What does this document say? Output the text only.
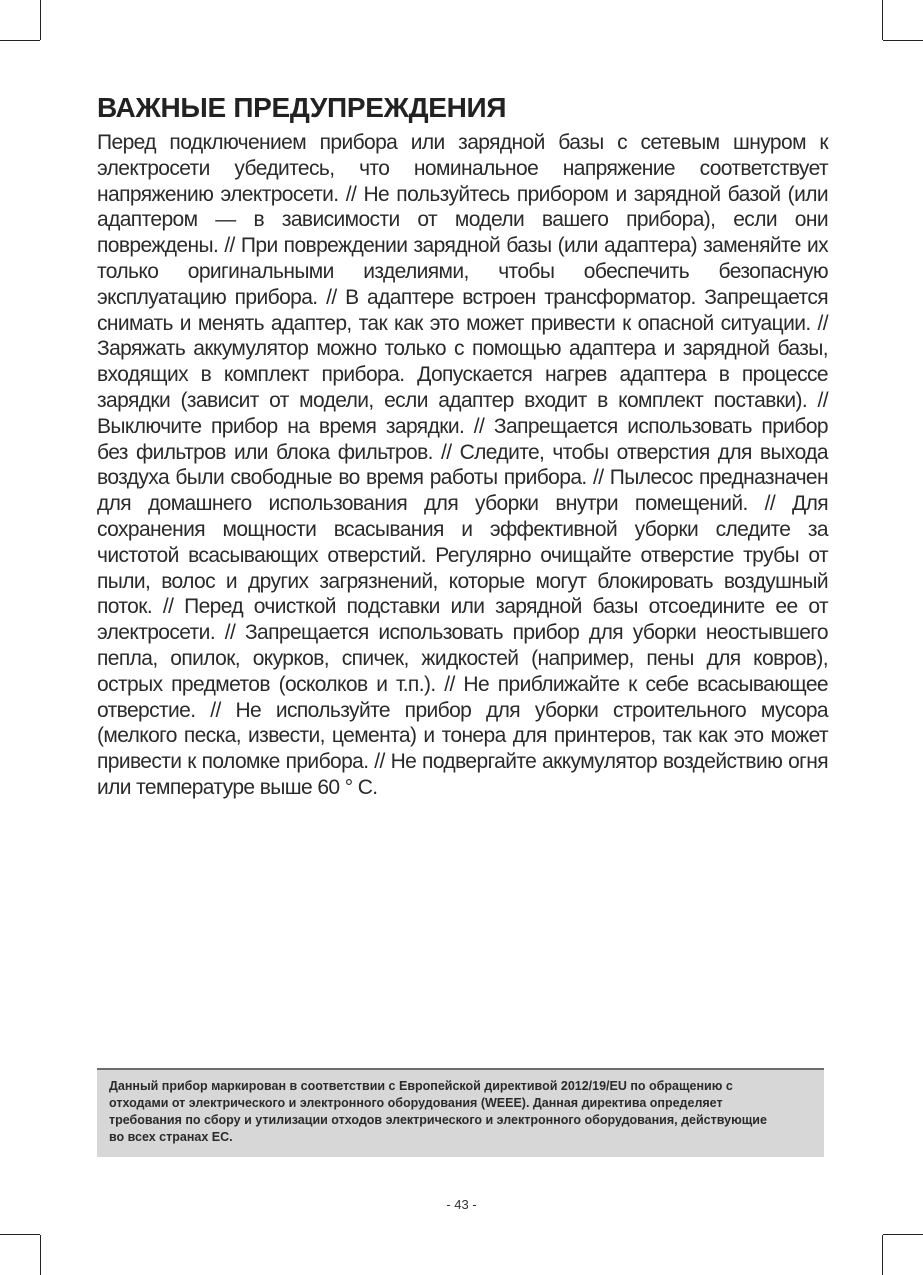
ВАЖНЫЕ ПРЕДУПРЕЖДЕНИЯ

Перед подключением прибора или зарядной базы с сетевым шнуром к электросети убедитесь, что номинальное напряжение соответствует напряжению электросети. // Не пользуйтесь прибором и зарядной базой (или адаптером — в зависимости от модели вашего прибора), если они повреждены. // При повреждении зарядной базы (или адаптера) заменяйте их только оригинальными изделиями, чтобы обеспечить безопасную эксплуатацию прибора. // В адаптере встроен трансформатор. Запрещается снимать и менять адаптер, так как это может привести к опасной ситуации. // Заряжать аккумулятор можно только с помощью адаптера и зарядной базы, входящих в комплект прибора. Допускается нагрев адаптера в процессе зарядки (зависит от модели, если адаптер входит в комплект поставки). // Выключите прибор на время зарядки. // Запрещается использовать прибор без фильтров или блока фильтров. // Следите, чтобы отверстия для выхода воздуха были свободные во время работы прибора. // Пылесос предназначен для домашнего использования для уборки внутри помещений. // Для сохранения мощности всасывания и эффективной уборки следите за чистотой всасывающих отверстий. Регулярно очищайте отверстие трубы от пыли, волос и других загрязнений, которые могут блокировать воздушный поток. // Перед очисткой подставки или зарядной базы отсоедините ее от электросети. // Запрещается использовать прибор для уборки неостывшего пепла, опилок, окурков, спичек, жидкостей (например, пены для ковров), острых предметов (осколков и т.п.). // Не приближайте к себе всасывающее отверстие. // Не используйте прибор для уборки строительного мусора (мелкого песка, извести, цемента) и тонера для принтеров, так как это может привести к поломке прибора. // Не подвергайте аккумулятор воздействию огня или температуре выше 60 ° С.

Данный прибор маркирован в соответствии с Европейской директивой 2012/19/EU по обращению с отходами от электрического и электронного оборудования (WEEE). Данная директива определяет требования по сбору и утилизации отходов электрического и электронного оборудования, действующие во всех странах ЕС.

- 43 -
